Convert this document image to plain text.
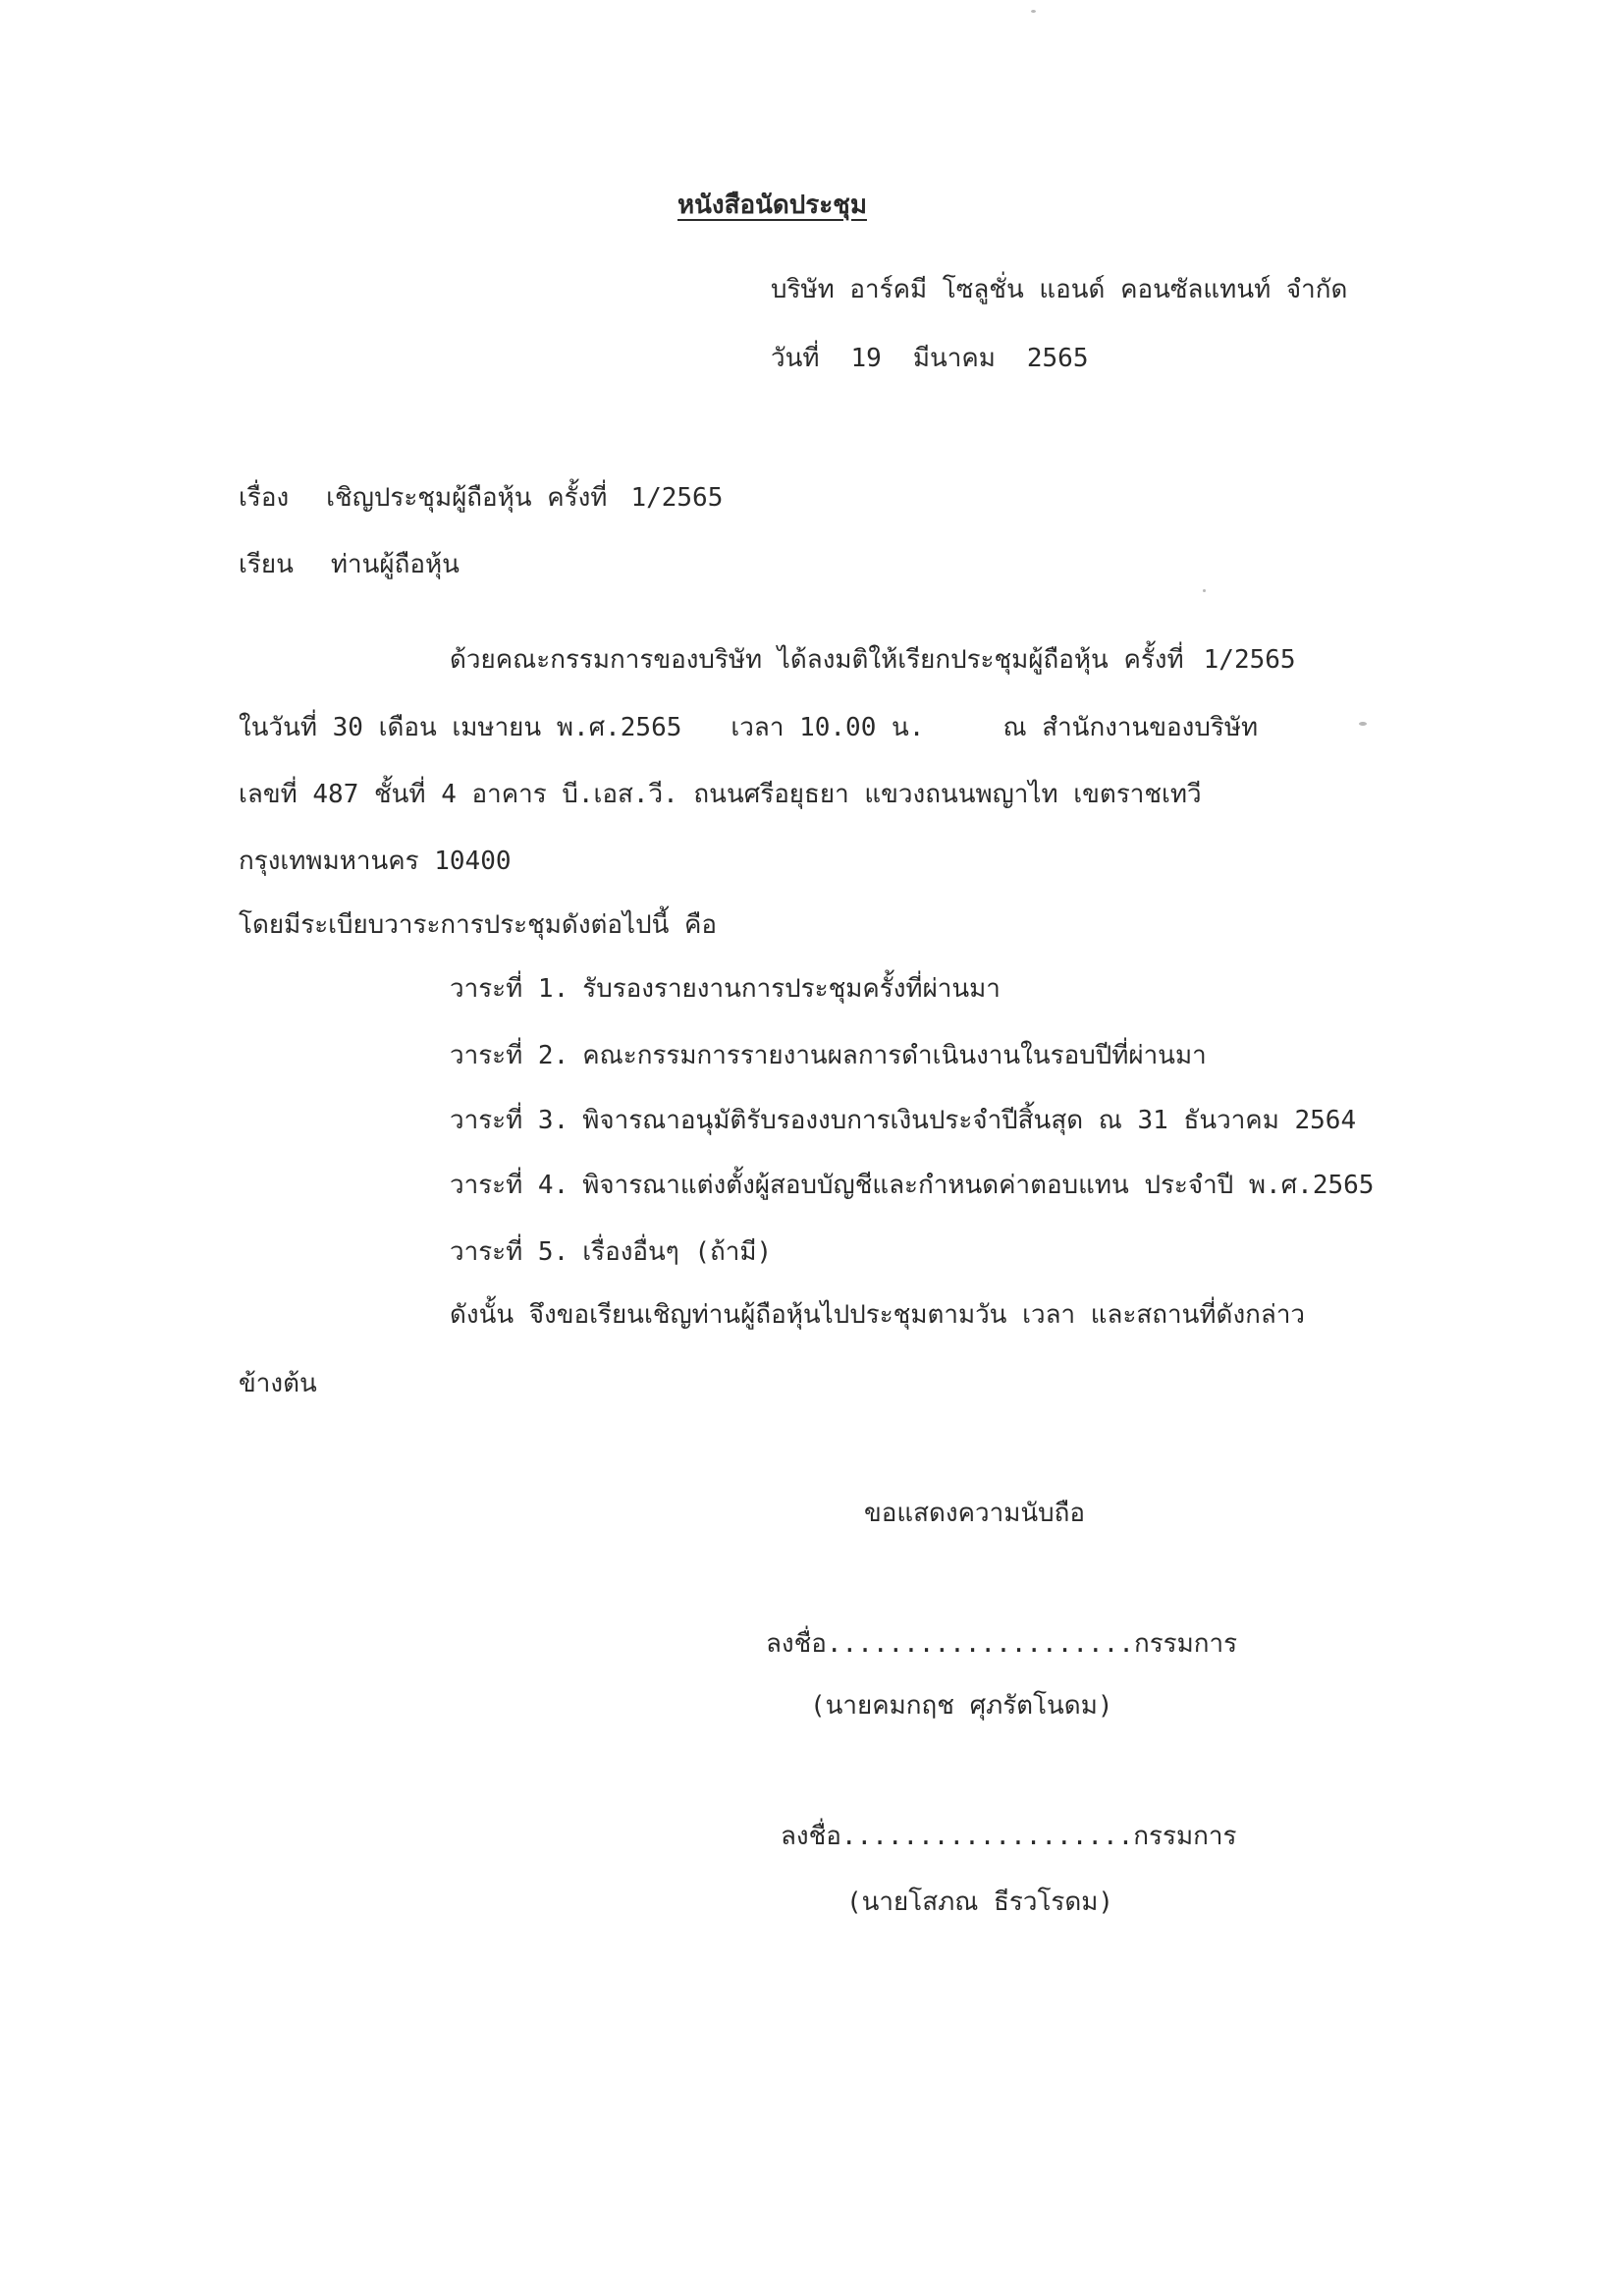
หนังสือนัดประชุม
บริษัท อาร์คมี โซลูชั่น แอนด์ คอนซัลแทนท์ จำกัด
วันที่ 19 มีนาคม 2565
เรื่อง เชิญประชุมผู้ถือหุ้น ครั้งที่ 1/2565
เรียน ท่านผู้ถือหุ้น
ด้วยคณะกรรมการของบริษัท ได้ลงมติให้เรียกประชุมผู้ถือหุ้น ครั้งที่ 1/2565
ในวันที่ 30 เดือน เมษายน พ.ศ.2565 เวลา 10.00 น.	ณ สำนักงานของบริษัท
เลขที่ 487 ชั้นที่ 4 อาคาร บี.เอส.วี. ถนนศรีอยุธยา แขวงถนนพญาไท เขตราชเทวี
กรุงเทพมหานคร 10400
โดยมีระเบียบวาระการประชุมดังต่อไปนี้ คือ
วาระที่ 1. รับรองรายงานการประชุมครั้งที่ผ่านมา
วาระที่ 2. คณะกรรมการรายงานผลการดำเนินงานในรอบปีที่ผ่านมา
วาระที่ 3. พิจารณาอนุมัติรับรองงบการเงินประจำปีสิ้นสุด ณ 31 ธันวาคม 2564
วาระที่ 4. พิจารณาแต่งตั้งผู้สอบบัญชีและกำหนดค่าตอบแทน ประจำปี พ.ศ.2565
วาระที่ 5. เรื่องอื่นๆ (ถ้ามี)
ดังนั้น จึงขอเรียนเชิญท่านผู้ถือหุ้นไปประชุมตามวัน เวลา และสถานที่ดังกล่าว
ข้างต้น
ขอแสดงความนับถือ
ลงชื่อ....................กรรมการ
(นายคมกฤช ศุภรัตโนดม)
ลงชื่อ...................กรรมการ
(นายโสภณ ธีรวโรดม)
